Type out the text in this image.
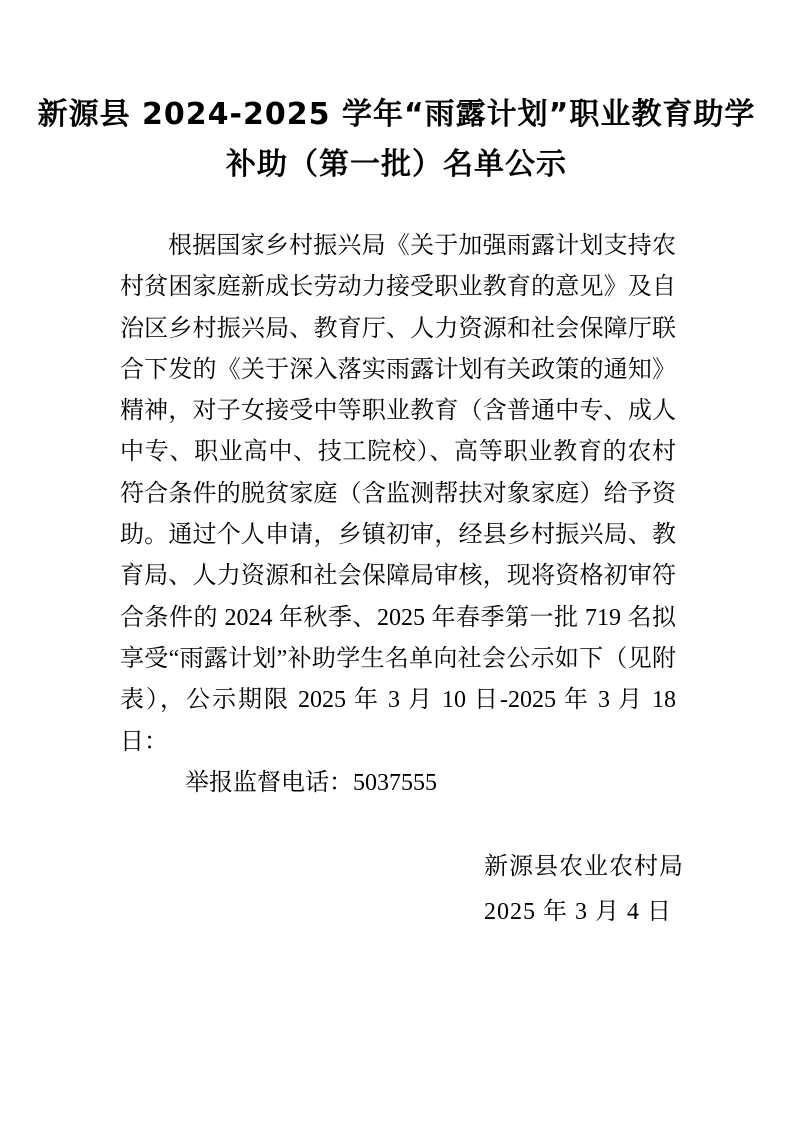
新源县 2024-2025 学年“雨露计划”职业教育助学
补助（第一批）名单公示

根据国家乡村振兴局《关于加强雨露计划支持农村贫困家庭新成长劳动力接受职业教育的意见》及自治区乡村振兴局、教育厅、人力资源和社会保障厅联合下发的《关于深入落实雨露计划有关政策的通知》精神，对子女接受中等职业教育（含普通中专、成人中专、职业高中、技工院校）、高等职业教育的农村符合条件的脱贫家庭（含监测帮扶对象家庭）给予资助。通过个人申请，乡镇初审，经县乡村振兴局、教育局、人力资源和社会保障局审核，现将资格初审符合条件的 2024 年秋季、2025 年春季第一批 719 名拟享受“雨露计划”补助学生名单向社会公示如下（见附表），公示期限 2025 年 3 月 10 日-2025 年 3 月 18 日：

举报监督电话：5037555

新源县农业农村局
2025 年 3 月 4 日
